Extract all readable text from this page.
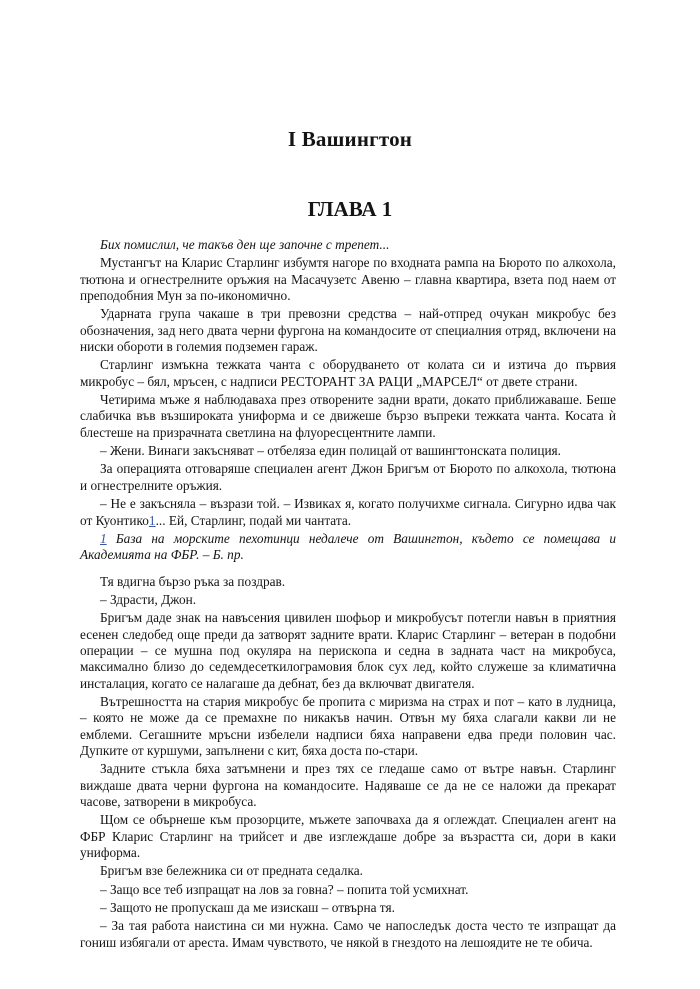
I Вашингтон
ГЛАВА 1

Бих помислил, че такъв ден ще започне с трепет...

Мустангът на Кларис Старлинг избумтя нагоре по входната рампа на Бюрото по алкохола, тютюна и огнестрелните оръжия на Масачузетс Авеню – главна квартира, взета под наем от преподобния Мун за по-икономично.

Ударната група чакаше в три превозни средства – най-отпред очукан микробус без обозначения, зад него двата черни фургона на командосите от специалния отряд, включени на ниски обороти в големия подземен гараж.

Старлинг измъкна тежката чанта с оборудването от колата си и изтича до първия микробус – бял, мръсен, с надписи РЕСТОРАНТ ЗА РАЦИ „МАРСЕЛ“ от двете страни.

Четирима мъже я наблюдаваха през отворените задни врати, докато приближаваше. Беше слабичка във възшироката униформа и се движеше бързо въпреки тежката чанта. Косата ѝ блестеше на призрачната светлина на флуоресцентните лампи.

– Жени. Винаги закъсняват – отбеляза един полицай от вашингтонската полиция.

За операцията отговаряше специален агент Джон Бригъм от Бюрото по алкохола, тютюна и огнестрелните оръжия.

– Не е закъсняла – възрази той. – Извиках я, когато получихме сигнала. Сигурно идва чак от Куонтико1... Ей, Старлинг, подай ми чантата.

1 База на морските пехотинци недалече от Вашингтон, където се помещава и Академията на ФБР. – Б. пр.

Тя вдигна бързо ръка за поздрав.

– Здрасти, Джон.

Бригъм даде знак на навъсения цивилен шофьор и микробусът потегли навън в приятния есенен следобед още преди да затворят задните врати. Кларис Старлинг – ветеран в подобни операции – се мушна под окуляра на перископа и седна в задната част на микробуса, максимално близо до седемдесеткилограмовия блок сух лед, който служеше за климатична инсталация, когато се налагаше да дебнат, без да включват двигателя.

Вътрешността на стария микробус бе пропита с миризма на страх и пот – като в лудница, – която не може да се премахне по никакъв начин. Отвън му бяха слагали какви ли не емблеми. Сегашните мръсни избелели надписи бяха направени едва преди половин час. Дупките от куршуми, запълнени с кит, бяха доста по-стари.

Задните стъкла бяха затъмнени и през тях се гледаше само от вътре навън. Старлинг виждаше двата черни фургона на командосите. Надяваше се да не се наложи да прекарат часове, затворени в микробуса.

Щом се обърнеше към прозорците, мъжете започваха да я оглеждат. Специален агент на ФБР Кларис Старлинг на трийсет и две изглеждаше добре за възрастта си, дори в каки униформа.

Бригъм взе бележника си от предната седалка.

– Защо все теб изпращат на лов за говна? – попита той усмихнат.

– Защото не пропускаш да ме изискаш – отвърна тя.

– За тая работа наистина си ми нужна. Само че напоследък доста често те изпращат да гониш избягали от ареста. Имам чувството, че някой в гнездото на лешоядите не те обича.
